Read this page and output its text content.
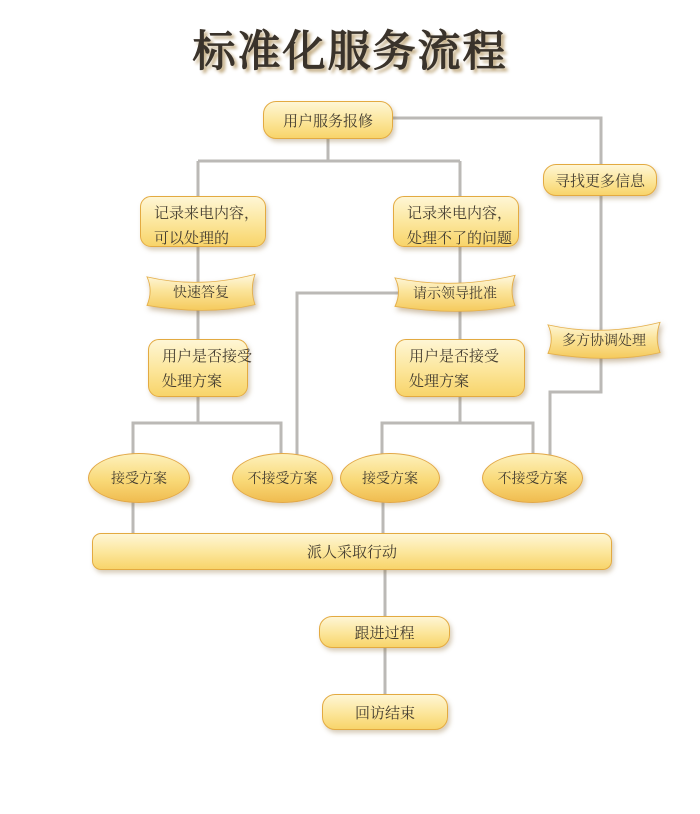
标准化服务流程
用户服务报修
寻找更多信息
记录来电内容，
可以处理的
记录来电内容，
处理不了的问题
快速答复	请示领导批准
多方协调处理
用户是否接受
处理方案
用户是否接受
处理方案
接受方案	不接受方案	接受方案	不接受方案
派人采取行动
跟进过程
回访结束
